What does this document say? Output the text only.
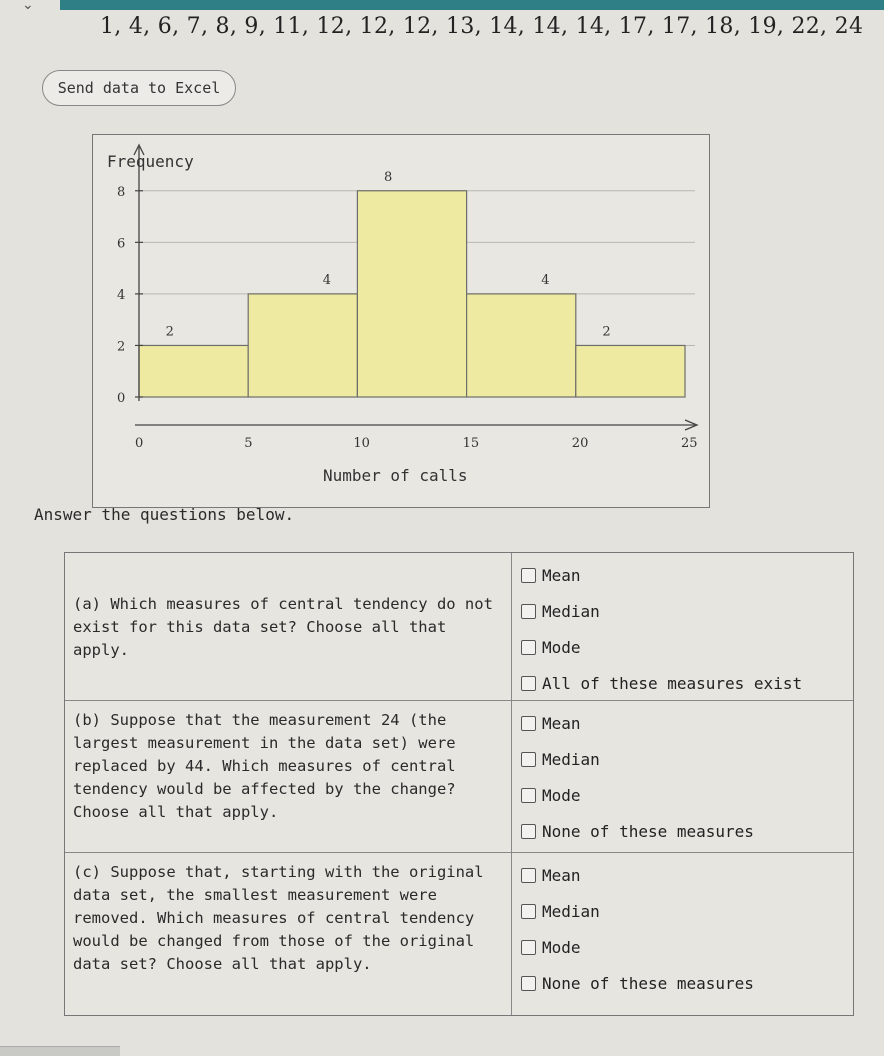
⌄
1, 4, 6, 7, 8, 9, 11, 12, 12, 12, 13, 14, 14, 14, 17, 17, 18, 19, 22, 24
Send data to Excel
2
4
8
4
2
0
2
4
6
8
0	5	10	15	20	25
Frequency
Number of calls
Answer the questions below.
(a) Which measures of central tendency do not exist for this data set? Choose all that apply.
Mean
Median
Mode
All of these measures exist
(b) Suppose that the measurement 24 (the largest measurement in the data set) were replaced by 44. Which measures of central tendency would be affected by the change? Choose all that apply.
Mean
Median
Mode
None of these measures
(c) Suppose that, starting with the original data set, the smallest measurement were removed. Which measures of central tendency would be changed from those of the original data set? Choose all that apply.
Mean
Median
Mode
None of these measures
